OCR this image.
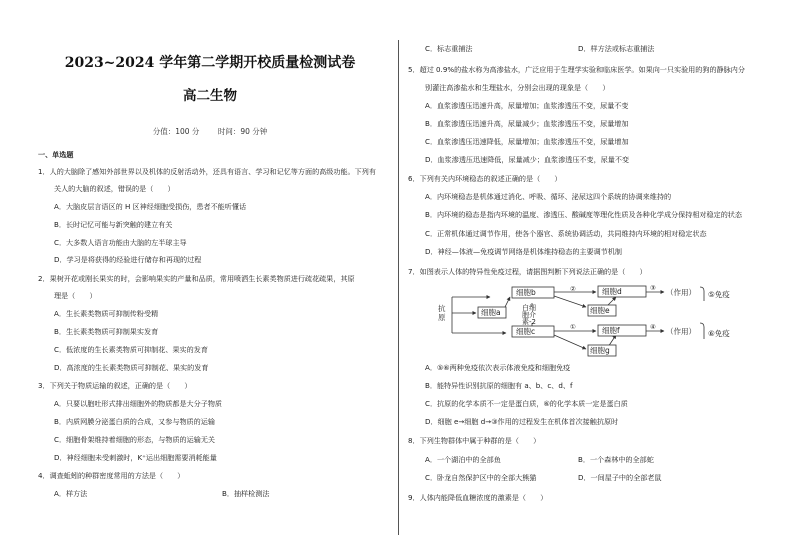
2023~2024 学年第二学期开校质量检测试卷
高二生物
分值：100 分 时间：90 分钟
一、单选题
1．人的大脑除了感知外部世界以及机体的反射活动外，还具有语言、学习和记忆等方面的高级功能。下列有
关人的大脑的叙述，错误的是（　　）
A．大脑皮层言语区的 H 区神经细胞受损伤，患者不能听懂话
B．长时记忆可能与新突触的建立有关
C．大多数人语言功能由大脑的左半球主导
D．学习是将获得的经验进行储存和再现的过程
2．果树开花或刚长果实的时，会影响果实的产量和品质，常用喷洒生长素类物质进行疏花疏果，其原
理是（　　）
A．生长素类物质可抑制传粉受精
B．生长素类物质可抑制果实发育
C．低浓度的生长素类物质可抑制花、果实的发育
D．高浓度的生长素类物质可抑制花、果实的发育
3．下列关于物质运输的叙述，正确的是（　　）
A．只要以胞吐形式排出细胞外的物质都是大分子物质
B．内质网膜分泌蛋白质的合成，又参与物质的运输
C．细胞骨架维持着细胞的形态，与物质的运输无关
D．神经细胞未受刺激时，K⁺运出细胞需要消耗能量
4．调查蚯蚓的种群密度常用的方法是（　　）
A．样方法	B．抽样检测法
C．标志重捕法	D．样方法或标志重捕法
5．超过 0.9%的盐水称为高渗盐水，广泛应用于生理学实验和临床医学。如果向一只实验用的狗的静脉内分
别灌注高渗盐水和生理盐水，分别会出现的现象是（　　）
A．血浆渗透压迅速升高，尿量增加；血浆渗透压不变，尿量不变
B．血浆渗透压迅速升高，尿量减少；血浆渗透压不变，尿量增加
C．血浆渗透压迅速降低，尿量增加；血浆渗透压不变，尿量增加
D．血浆渗透压迅速降低，尿量减少；血浆渗透压不变，尿量不变
6．下列有关内环境稳态的叙述正确的是（　　）
A．内环境稳态是机体通过消化、呼吸、循环、泌尿这四个系统的协调来维持的
B．内环境的稳态是指内环境的温度、渗透压、酸碱度等理化性质及各种化学成分保持相对稳定的状态
C．正常机体通过调节作用，使各个器官、系统协调活动，共同维持内环境的相对稳定状态
D．神经—体液—免疫调节网络是机体维持稳态的主要调节机制
7．如图表示人体的特异性免疫过程，请据图判断下列说法正确的是（　　）
抗
原
细胞a
细胞b
细胞c
细胞d
细胞e
细胞f
细胞g
白细
胞介
素-2
②	③
①	④
（作用）
（作用）
⑤免疫
⑥免疫
A．⑤⑥两种免疫依次表示体液免疫和细胞免疫
B．能特异性识别抗原的细胞有 a、b、c、d、f
C．抗原的化学本质不一定是蛋白质，⑥的化学本质一定是蛋白质
D．细胞 e→细胞 d→③作用的过程发生在机体首次接触抗原时
8．下列生物群体中属于种群的是（　　）
A．一个湖泊中的全部鱼	B．一个森林中的全部蛇
C．卧龙自然保护区中的全部大熊猫	D．一间屋子中的全部老鼠
9．人体内能降低血糖浓度的激素是（　　）
